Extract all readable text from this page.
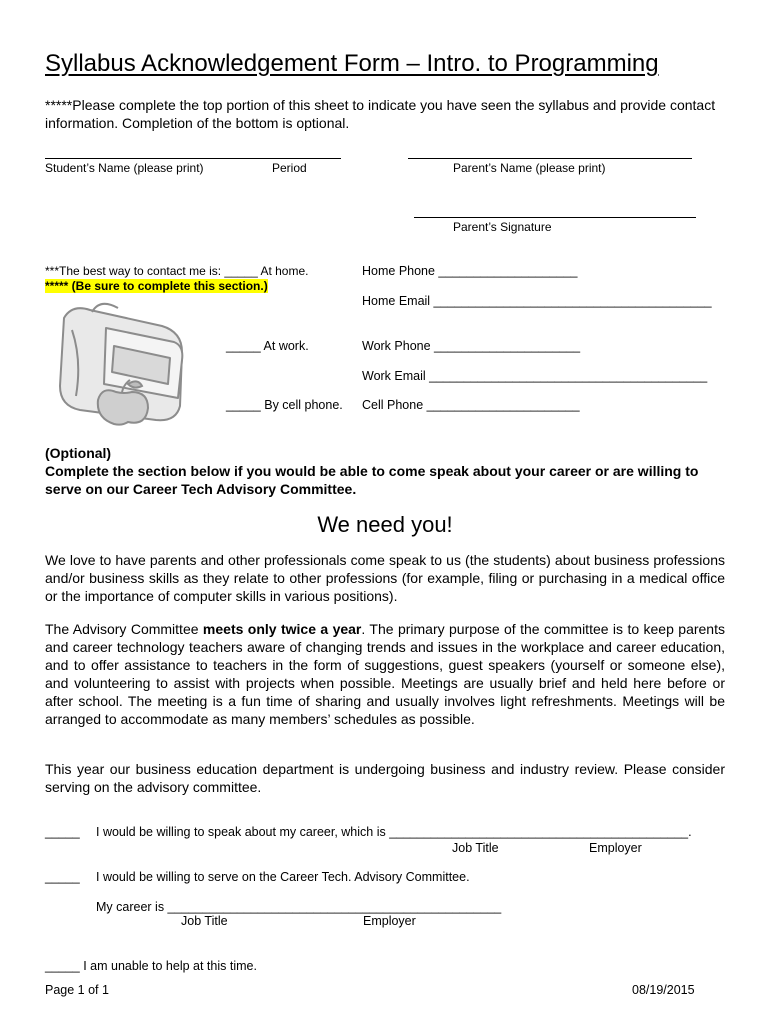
Syllabus Acknowledgement Form – Intro. to Programming
*****Please complete the top portion of this sheet to indicate you have seen the syllabus and provide contact information. Completion of the bottom is optional.
Student’s Name (please print)	Period	Parent’s Name (please print)
Parent’s Signature
***The best way to contact me is: _____ At home.
***** (Be sure to complete this section.)
Home Phone ____________________
Home Email ________________________________________
_____ At work.	Work Phone _____________________
Work Email ________________________________________
_____ By cell phone. Cell Phone ______________________
(Optional)
Complete the section below if you would be able to come speak about your career or are willing to serve on our Career Tech Advisory Committee.
We need you!
We love to have parents and other professionals come speak to us (the students) about business professions and/or business skills as they relate to other professions (for example, filing or purchasing in a medical office or the importance of computer skills in various positions).
The Advisory Committee meets only twice a year. The primary purpose of the committee is to keep parents and career technology teachers aware of changing trends and issues in the workplace and career education, and to offer assistance to teachers in the form of suggestions, guest speakers (yourself or someone else), and volunteering to assist with projects when possible. Meetings are usually brief and held here before or after school. The meeting is a fun time of sharing and usually involves light refreshments. Meetings will be arranged to accommodate as many members’ schedules as possible.
This year our business education department is undergoing business and industry review. Please consider serving on the advisory committee.
_____ I would be willing to speak about my career, which is ___________________________________________.
Job Title	Employer
_____ I would be willing to serve on the Career Tech. Advisory Committee.
My career is ________________________________________________
Job Title	Employer
_____ I am unable to help at this time.
Page 1 of 1	08/19/2015
